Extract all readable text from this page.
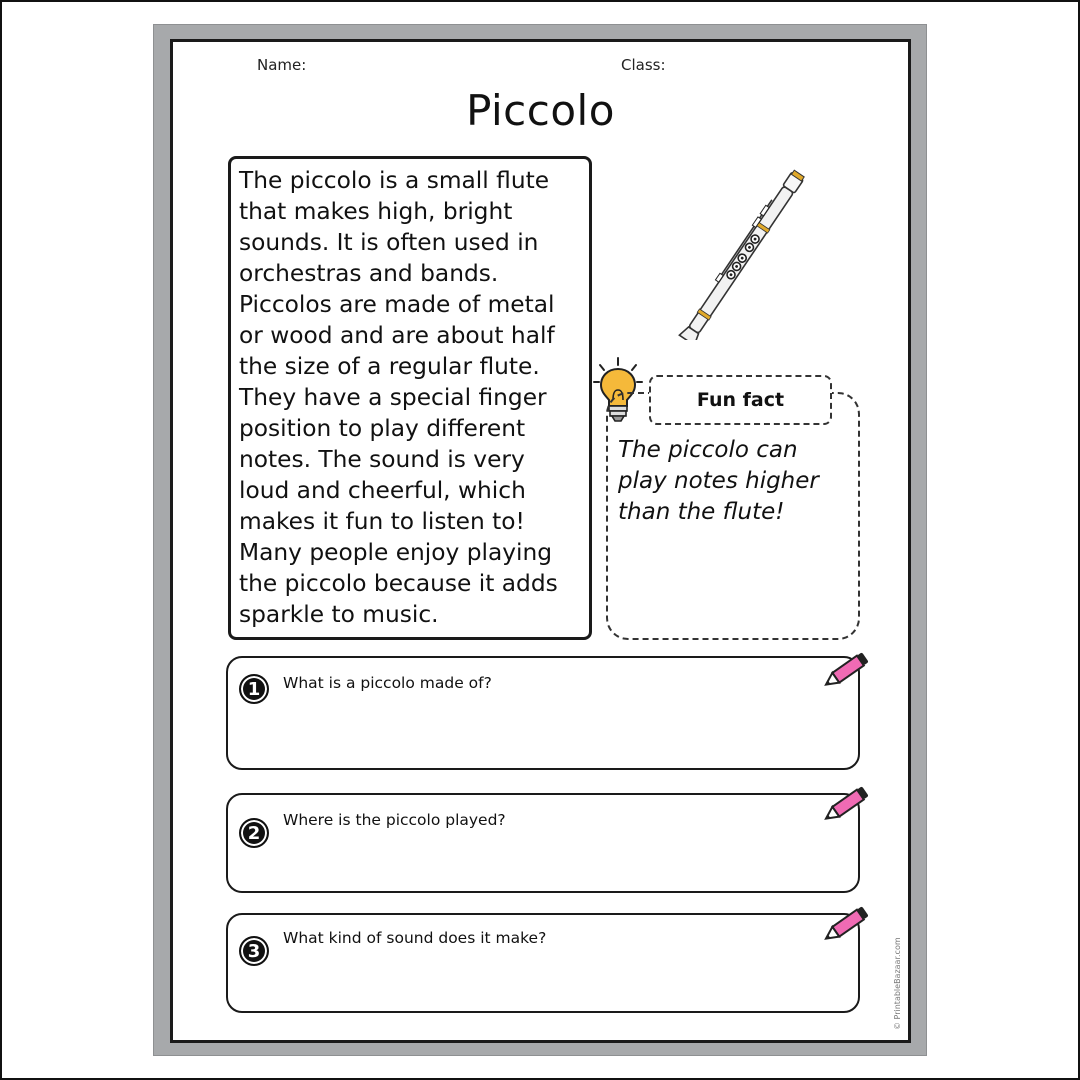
Name:	Class:
Piccolo

The piccolo is a small flute that makes high, bright sounds. It is often used in orchestras and bands. Piccolos are made of metal or wood and are about half the size of a regular flute. They have a special finger position to play different notes. The sound is very loud and cheerful, which makes it fun to listen to! Many people enjoy playing the piccolo because it adds sparkle to music.

Fun fact
The piccolo can play notes higher than the flute!
1	What is a piccolo made of?
2
Where is the piccolo played?
3
What kind of sound does it make?	© PrintableBazaar.com
